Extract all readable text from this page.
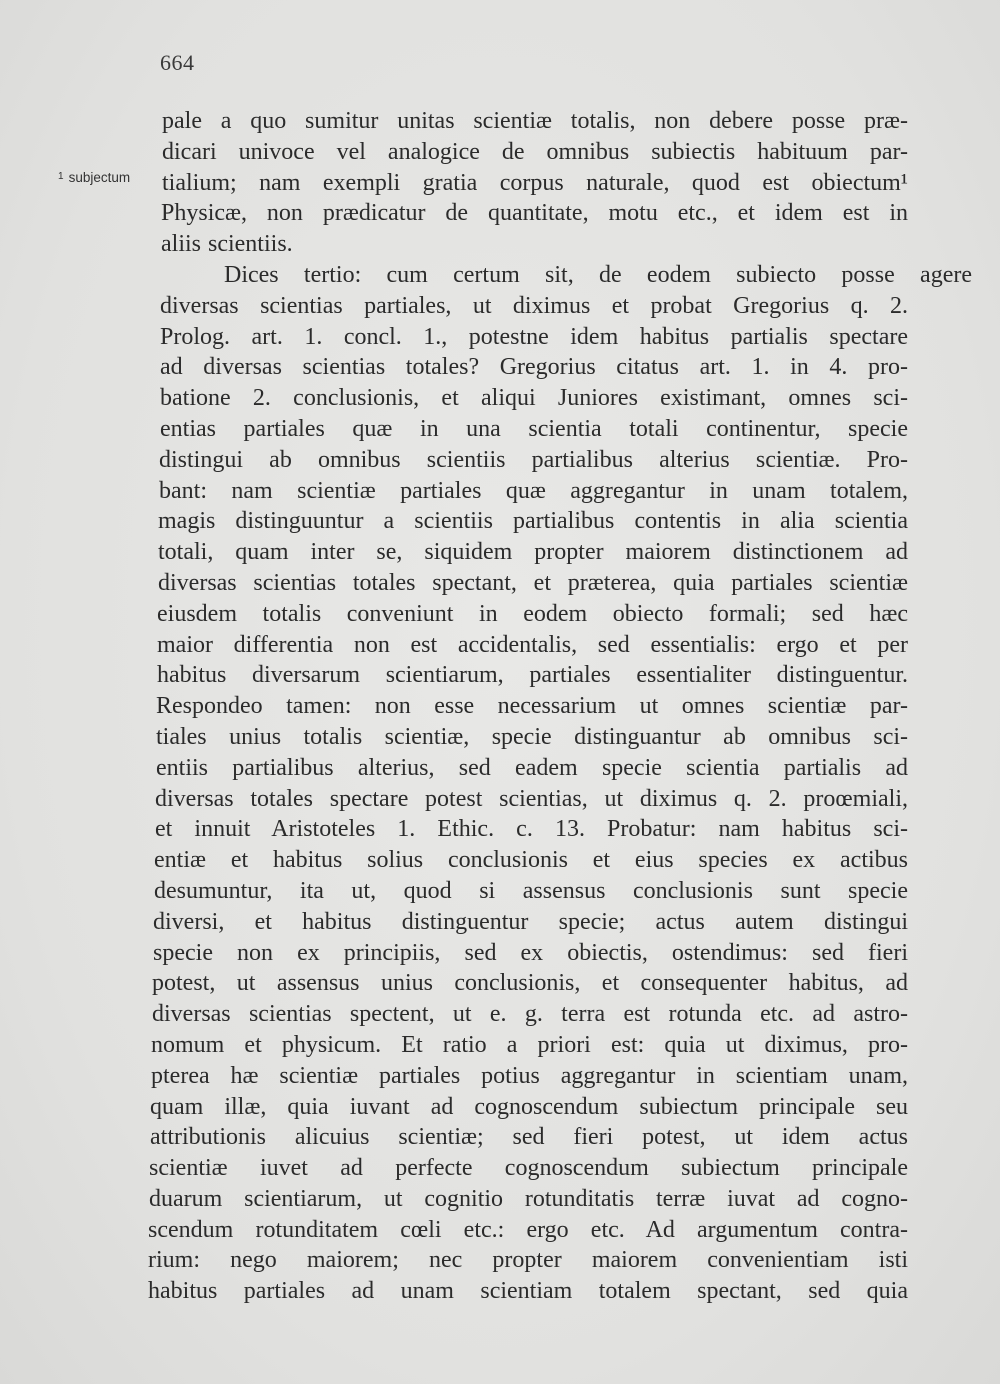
664
$^1$ subjectum
pale a quo sumitur unitas scientiæ totalis, non debere posse præ-
dicari univoce vel analogice de omnibus subiectis habituum par-
tialium; nam exempli gratia corpus naturale, quod est obiectum¹
Physicæ, non prædicatur de quantitate, motu etc., et idem est in
aliis scientiis.
Dices tertio: cum certum sit, de eodem subiecto posse agere
diversas scientias partiales, ut diximus et probat Gregorius q. 2.
Prolog. art. 1. concl. 1., potestne idem habitus partialis spectare
ad diversas scientias totales? Gregorius citatus art. 1. in 4. pro-
batione 2. conclusionis, et aliqui Juniores existimant, omnes sci-
entias partiales quæ in una scientia totali continentur, specie
distingui ab omnibus scientiis partialibus alterius scientiæ. Pro-
bant: nam scientiæ partiales quæ aggregantur in unam totalem,
magis distinguuntur a scientiis partialibus contentis in alia scientia
totali, quam inter se, siquidem propter maiorem distinctionem ad
diversas scientias totales spectant, et præterea, quia partiales scientiæ
eiusdem totalis conveniunt in eodem obiecto formali; sed hæc
maior differentia non est accidentalis, sed essentialis: ergo et per
habitus diversarum scientiarum, partiales essentialiter distinguentur.
Respondeo tamen: non esse necessarium ut omnes scientiæ par-
tiales unius totalis scientiæ, specie distinguantur ab omnibus sci-
entiis partialibus alterius, sed eadem specie scientia partialis ad
diversas totales spectare potest scientias, ut diximus q. 2. proœmiali,
et innuit Aristoteles 1. Ethic. c. 13. Probatur: nam habitus sci-
entiæ et habitus solius conclusionis et eius species ex actibus
desumuntur, ita ut, quod si assensus conclusionis sunt specie
diversi, et habitus distinguentur specie; actus autem distingui
specie non ex principiis, sed ex obiectis, ostendimus: sed fieri
potest, ut assensus unius conclusionis, et consequenter habitus, ad
diversas scientias spectent, ut e. g. terra est rotunda etc. ad astro-
nomum et physicum. Et ratio a priori est: quia ut diximus, pro-
pterea hæ scientiæ partiales potius aggregantur in scientiam unam,
quam illæ, quia iuvant ad cognoscendum subiectum principale seu
attributionis alicuius scientiæ; sed fieri potest, ut idem actus
scientiæ iuvet ad perfecte cognoscendum subiectum principale
duarum scientiarum, ut cognitio rotunditatis terræ iuvat ad cogno-
scendum rotunditatem cœli etc.: ergo etc. Ad argumentum contra-
rium: nego maiorem; nec propter maiorem convenientiam isti
habitus partiales ad unam scientiam totalem spectant, sed quia
